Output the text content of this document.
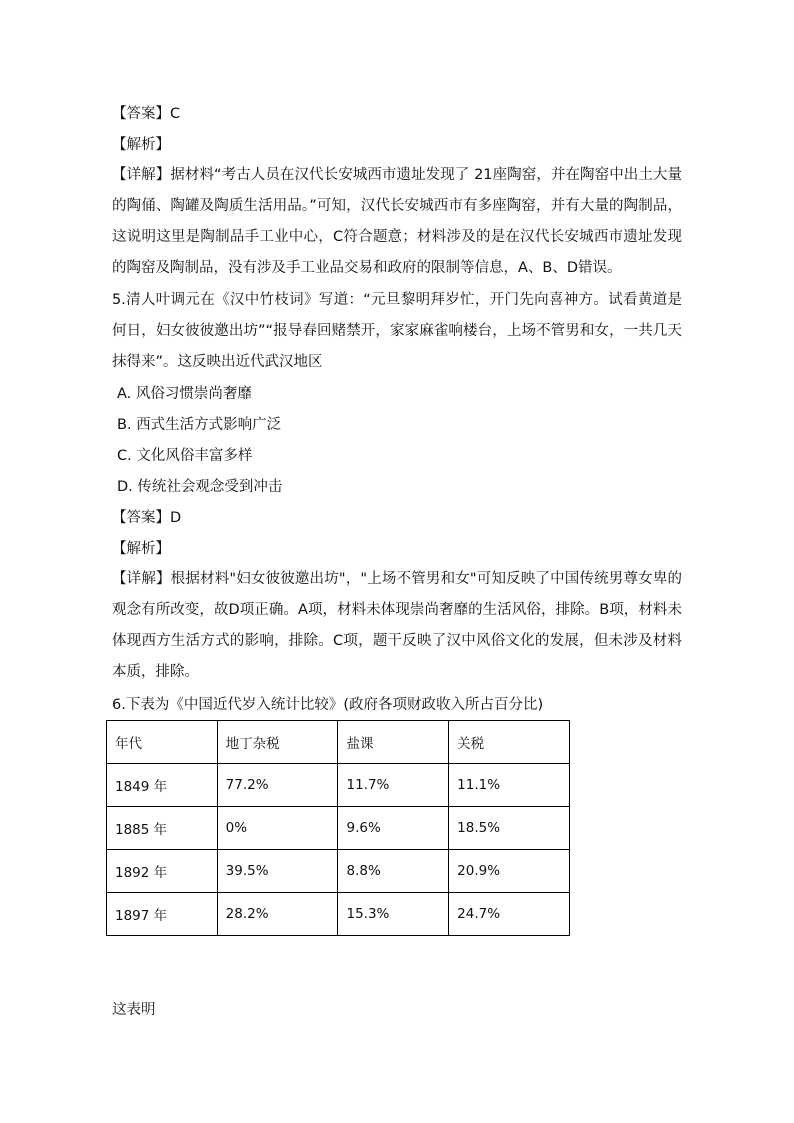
【答案】C
【解析】
【详解】据材料“考古人员在汉代长安城西市遗址发现了 21座陶窑，并在陶窑中出土大量的陶俑、陶罐及陶质生活用品。”可知，汉代长安城西市有多座陶窑，并有大量的陶制品，这说明这里是陶制品手工业中心，C符合题意；材料涉及的是在汉代长安城西市遗址发现的陶窑及陶制品，没有涉及手工业品交易和政府的限制等信息，A、B、D错误。
5.清人叶调元在《汉中竹枝词》写道：“元旦黎明拜岁忙，开门先向喜神方。试看黄道是何日，妇女彼彼邀出坊”“报导春回赌禁开，家家麻雀响楼台，上场不管男和女，一共几天抹得来”。这反映出近代武汉地区
A. 风俗习惯崇尚奢靡
B. 西式生活方式影响广泛
C. 文化风俗丰富多样
D. 传统社会观念受到冲击
【答案】D
【解析】
【详解】根据材料"妇女彼彼邀出坊"，"上场不管男和女"可知反映了中国传统男尊女卑的观念有所改变，故D项正确。A项，材料未体现崇尚奢靡的生活风俗，排除。B项，材料未体现西方生活方式的影响，排除。C项，题干反映了汉中风俗文化的发展，但未涉及材料本质，排除。
6.下表为《中国近代岁入统计比较》(政府各项财政收入所占百分比)
年代	地丁杂税	盐课	关税
1849 年	77.2%	11.7%	11.1%
1885 年	0%	9.6%	18.5%
1892 年	39.5%	8.8%	20.9%
1897 年	28.2%	15.3%	24.7%
这表明
